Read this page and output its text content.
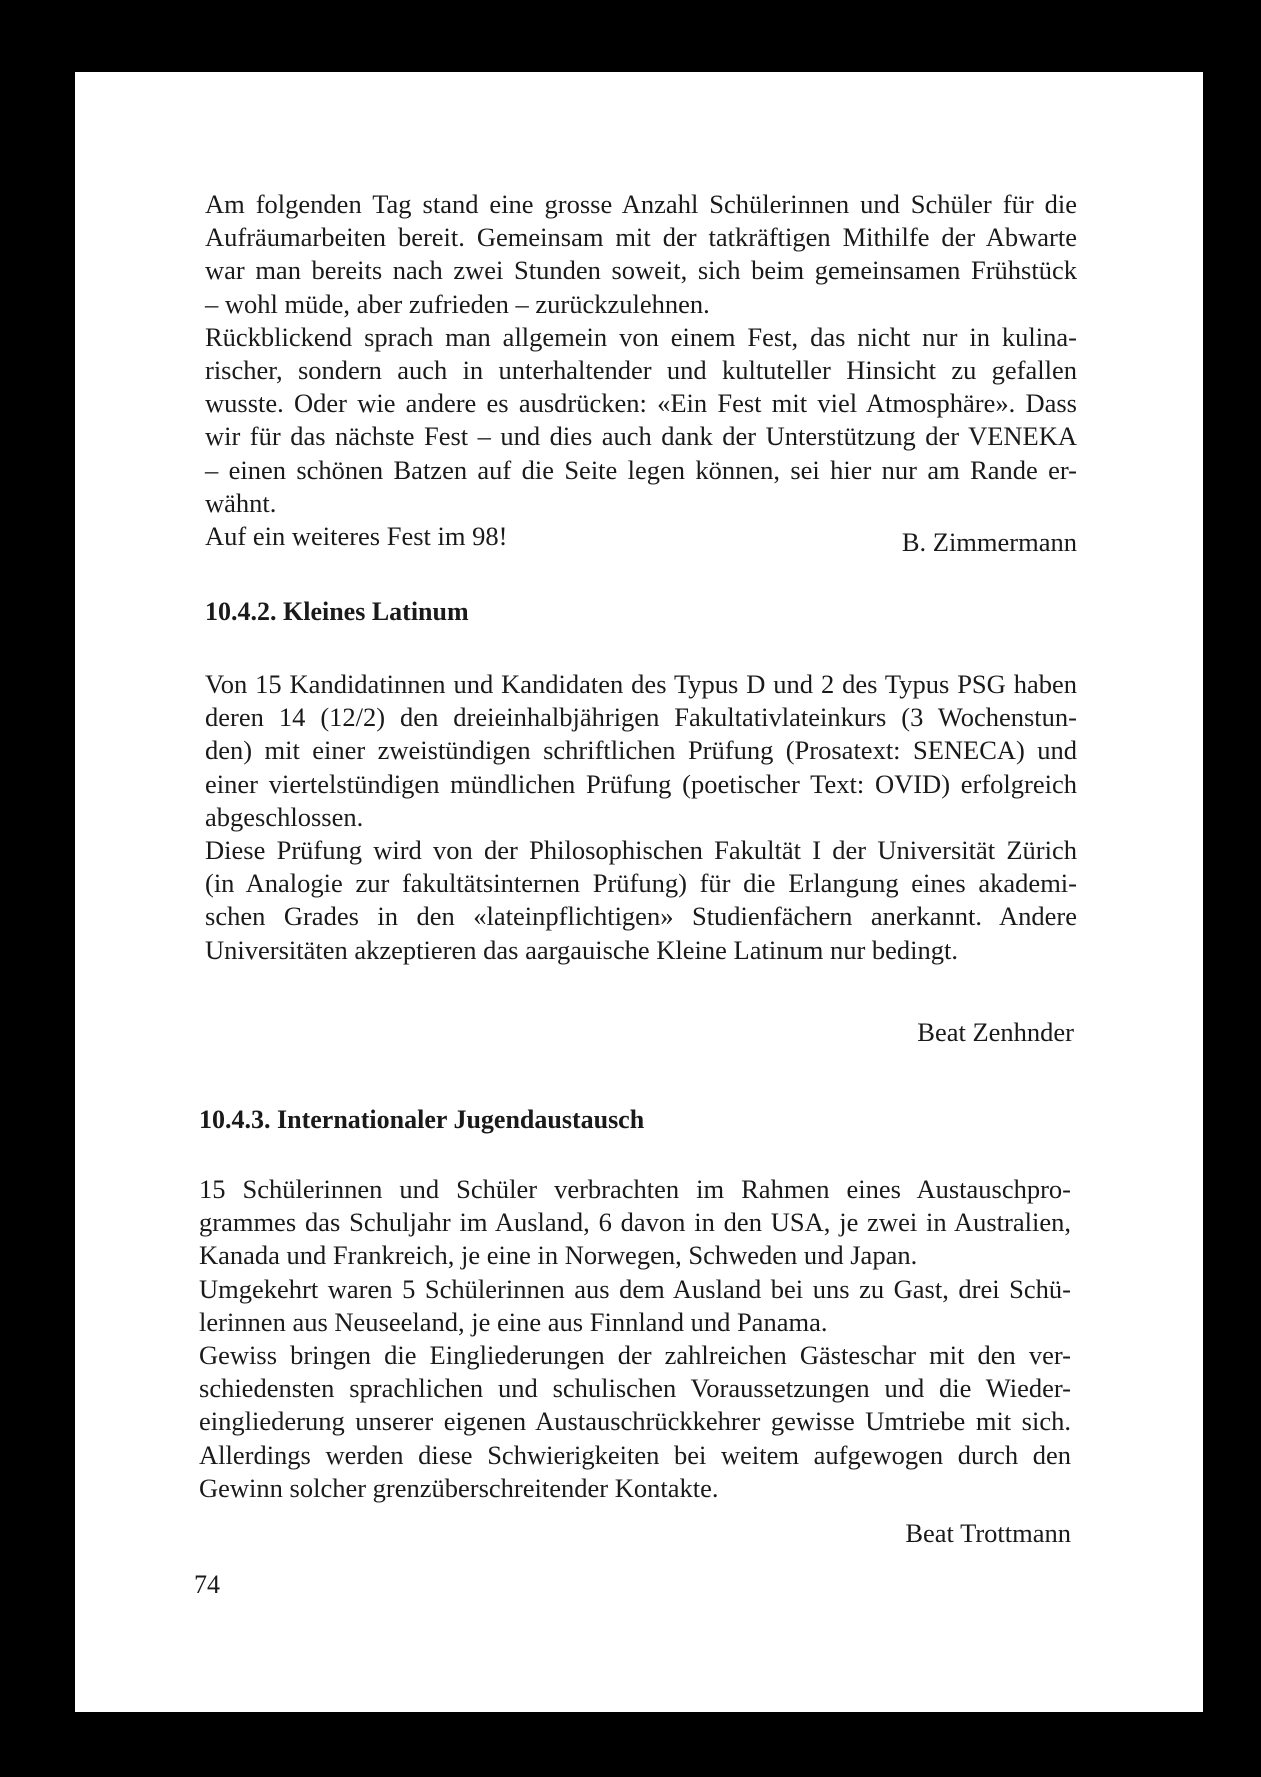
Am folgenden Tag stand eine grosse Anzahl Schülerinnen und Schüler für die
Aufräumarbeiten bereit. Gemeinsam mit der tatkräftigen Mithilfe der Abwarte
war man bereits nach zwei Stunden soweit, sich beim gemeinsamen Frühstück
– wohl müde, aber zufrieden – zurückzulehnen.
Rückblickend sprach man allgemein von einem Fest, das nicht nur in kulina-
rischer, sondern auch in unterhaltender und kultuteller Hinsicht zu gefallen
wusste. Oder wie andere es ausdrücken: «Ein Fest mit viel Atmosphäre». Dass
wir für das nächste Fest – und dies auch dank der Unterstützung der VENEKA
– einen schönen Batzen auf die Seite legen können, sei hier nur am Rande er-
wähnt.

Auf ein weiteres Fest im 98!	B. Zimmermann
10.4.2. Kleines Latinum

Von 15 Kandidatinnen und Kandidaten des Typus D und 2 des Typus PSG haben
deren 14 (12/2) den dreieinhalbjährigen Fakultativlateinkurs (3 Wochenstun-
den) mit einer zweistündigen schriftlichen Prüfung (Prosatext: SENECA) und
einer viertelstündigen mündlichen Prüfung (poetischer Text: OVID) erfolgreich
abgeschlossen.
Diese Prüfung wird von der Philosophischen Fakultät I der Universität Zürich
(in Analogie zur fakultätsinternen Prüfung) für die Erlangung eines akademi-
schen Grades in den «lateinpflichtigen» Studienfächern anerkannt. Andere
Universitäten akzeptieren das aargauische Kleine Latinum nur bedingt.

Beat Zenhnder
10.4.3. Internationaler Jugendaustausch

15 Schülerinnen und Schüler verbrachten im Rahmen eines Austauschpro-
grammes das Schuljahr im Ausland, 6 davon in den USA, je zwei in Australien,
Kanada und Frankreich, je eine in Norwegen, Schweden und Japan.
Umgekehrt waren 5 Schülerinnen aus dem Ausland bei uns zu Gast, drei Schü-
lerinnen aus Neuseeland, je eine aus Finnland und Panama.
Gewiss bringen die Eingliederungen der zahlreichen Gästeschar mit den ver-
schiedensten sprachlichen und schulischen Voraussetzungen und die Wieder-
eingliederung unserer eigenen Austauschrückkehrer gewisse Umtriebe mit sich.
Allerdings werden diese Schwierigkeiten bei weitem aufgewogen durch den
Gewinn solcher grenzüberschreitender Kontakte.

Beat Trottmann
74
